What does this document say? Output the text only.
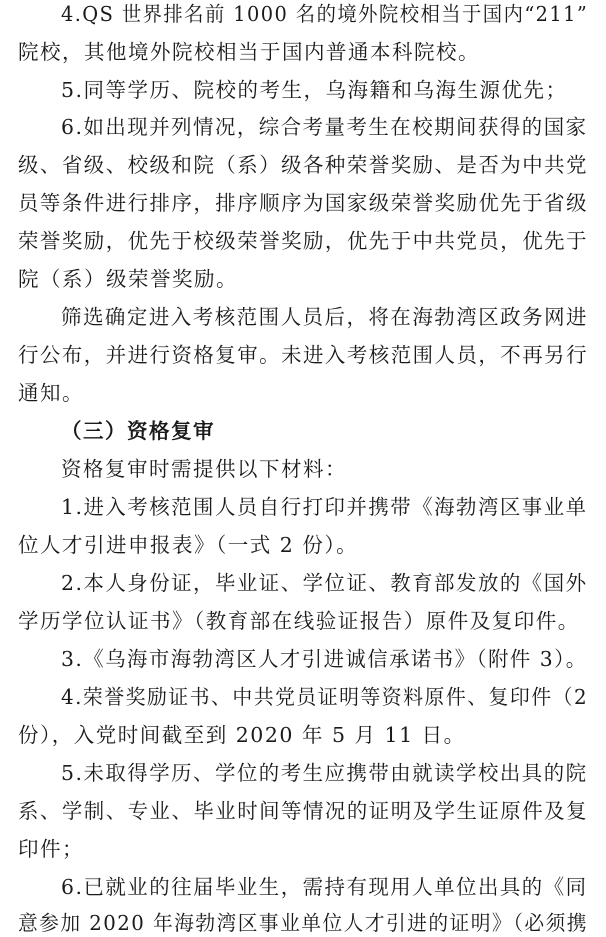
4.QS 世界排名前 1000 名的境外院校相当于国内“211”
院校，其他境外院校相当于国内普通本科院校。
5.同等学历、院校的考生，乌海籍和乌海生源优先；
6.如出现并列情况，综合考量考生在校期间获得的国家
级、省级、校级和院（系）级各种荣誉奖励、是否为中共党
员等条件进行排序，排序顺序为国家级荣誉奖励优先于省级
荣誉奖励，优先于校级荣誉奖励，优先于中共党员，优先于
院（系）级荣誉奖励。
筛选确定进入考核范围人员后，将在海勃湾区政务网进
行公布，并进行资格复审。未进入考核范围人员，不再另行
通知。
（三）资格复审
资格复审时需提供以下材料：
1.进入考核范围人员自行打印并携带《海勃湾区事业单
位人才引进申报表》（一式 2 份）。
2.本人身份证，毕业证、学位证、教育部发放的《国外
学历学位认证书》（教育部在线验证报告）原件及复印件。
3.《乌海市海勃湾区人才引进诚信承诺书》（附件 3）。
4.荣誉奖励证书、中共党员证明等资料原件、复印件（2
份），入党时间截至到 2020 年 5 月 11 日。
5.未取得学历、学位的考生应携带由就读学校出具的院
系、学制、专业、毕业时间等情况的证明及学生证原件及复
印件；
6.已就业的往届毕业生，需持有现用人单位出具的《同
意参加 2020 年海勃湾区事业单位人才引进的证明》（必须携
